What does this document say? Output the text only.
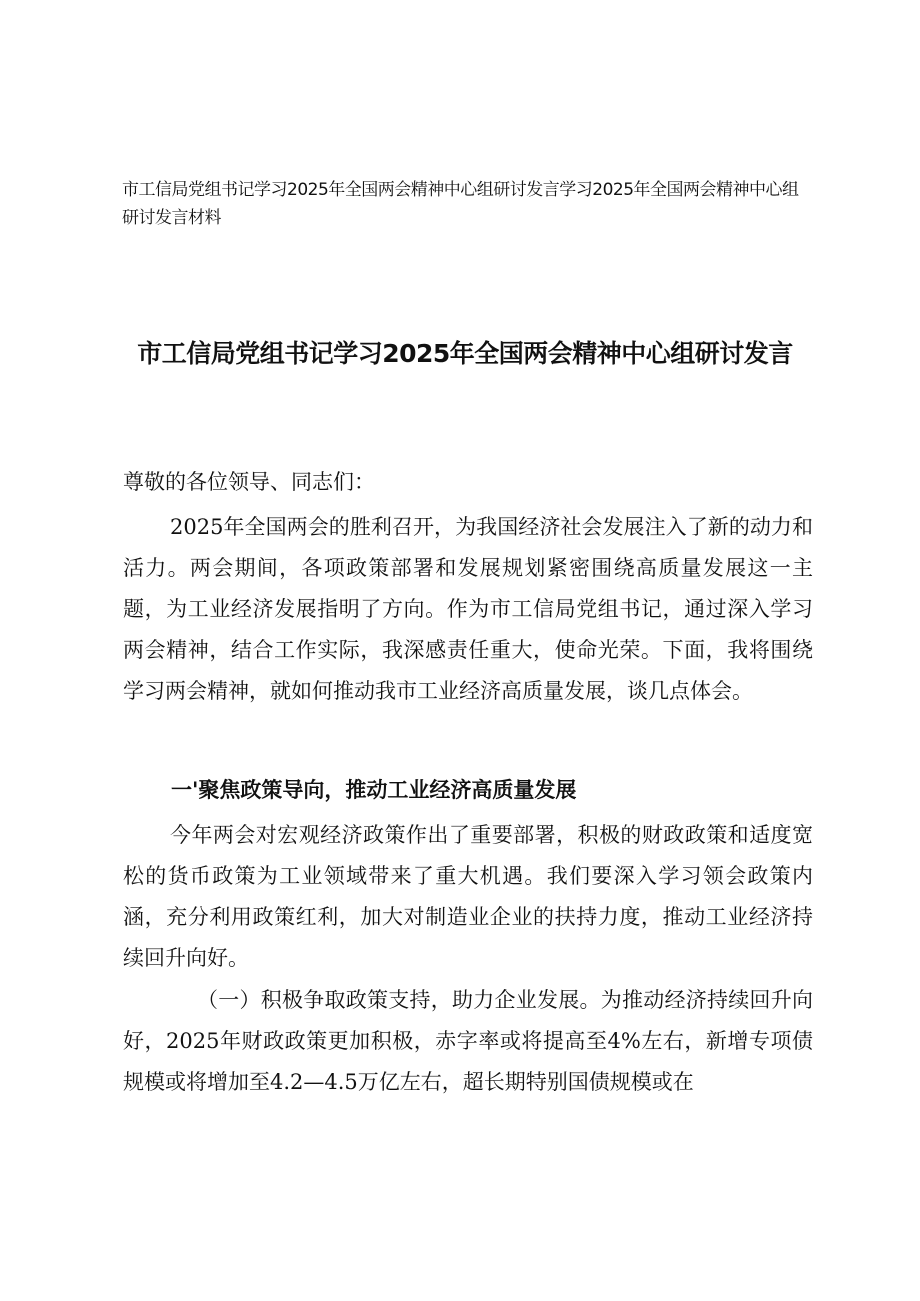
市工信局党组书记学习2025年全国两会精神中心组研讨发言学习2025年全国两会精神中心组研讨发言材料

市工信局党组书记学习2025年全国两会精神中心组研讨发言

尊敬的各位领导、同志们：

2025年全国两会的胜利召开，为我国经济社会发展注入了新的动力和活力。两会期间，各项政策部署和发展规划紧密围绕高质量发展这一主题，为工业经济发展指明了方向。作为市工信局党组书记，通过深入学习两会精神，结合工作实际，我深感责任重大，使命光荣。下面，我将围绕学习两会精神，就如何推动我市工业经济高质量发展，谈几点体会。

一'聚焦政策导向，推动工业经济高质量发展

今年两会对宏观经济政策作出了重要部署，积极的财政政策和适度宽松的货币政策为工业领域带来了重大机遇。我们要深入学习领会政策内涵，充分利用政策红利，加大对制造业企业的扶持力度，推动工业经济持续回升向好。

（一）积极争取政策支持，助力企业发展。为推动经济持续回升向好，2025年财政政策更加积极，赤字率或将提高至4%左右，新增专项债规模或将增加至4.2—4.5万亿左右，超长期特别国债规模或在
